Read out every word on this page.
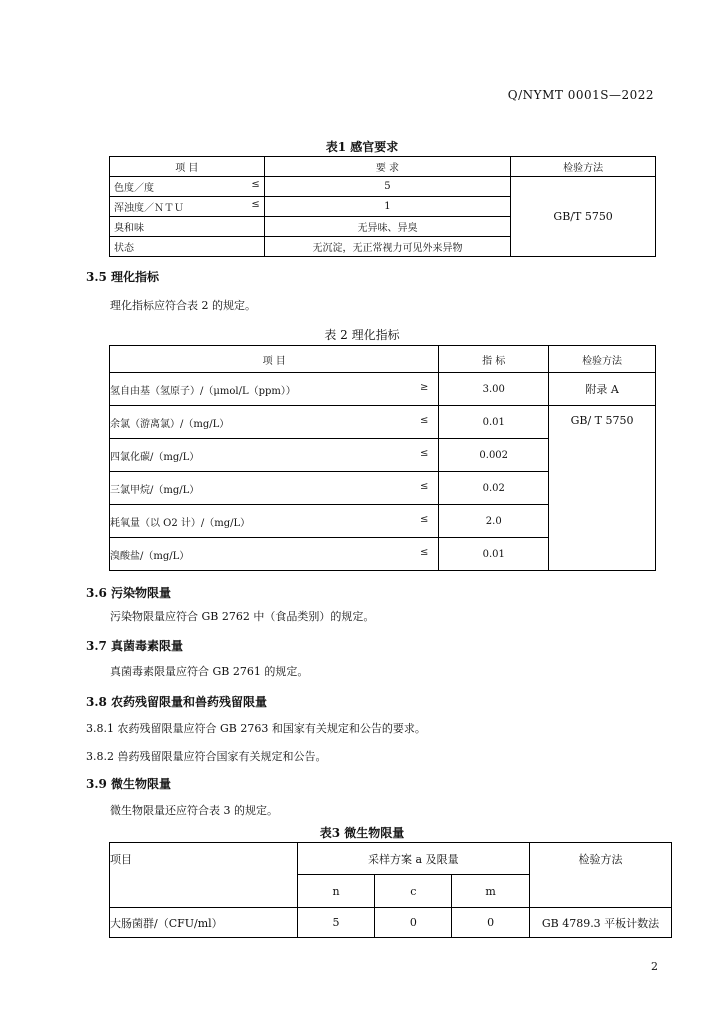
Q/NYMT 0001S—2022
表1 感官要求
项 目	要 求	检验方法
色度／度 ≤	5	GB/T 5750
浑浊度／ＮＴＵ ≤	1	
臭和味	无异味、异臭	
状态	无沉淀，无正常视力可见外来异物	
3.5 理化指标
理化指标应符合表 2 的规定。
表 2 理化指标
项 目	指 标	检验方法
氢自由基（氢原子）/（μmol/L（ppm）） ≥	3.00	附录 A
余氯（游离氯）/（mg/L） ≤	0.01	GB/ T 5750
四氯化碳/（mg/L） ≤	0.002	
三氯甲烷/（mg/L） ≤	0.02	
耗氧量（以 O2 计）/（mg/L） ≤	2.0	
溴酸盐/（mg/L） ≤	0.01	
3.6 污染物限量
污染物限量应符合 GB 2762 中（食品类别）的规定。
3.7 真菌毒素限量
真菌毒素限量应符合 GB 2761 的规定。
3.8 农药残留限量和兽药残留限量
3.8.1 农药残留限量应符合 GB 2763 和国家有关规定和公告的要求。
3.8.2 兽药残留限量应符合国家有关规定和公告。
3.9 微生物限量
微生物限量还应符合表 3 的规定。
表3 微生物限量
项目	采样方案 a 及限量			检验方法
	n	c	m	
大肠菌群/（CFU/ml）	5	0	0	GB 4789.3 平板计数法
2
